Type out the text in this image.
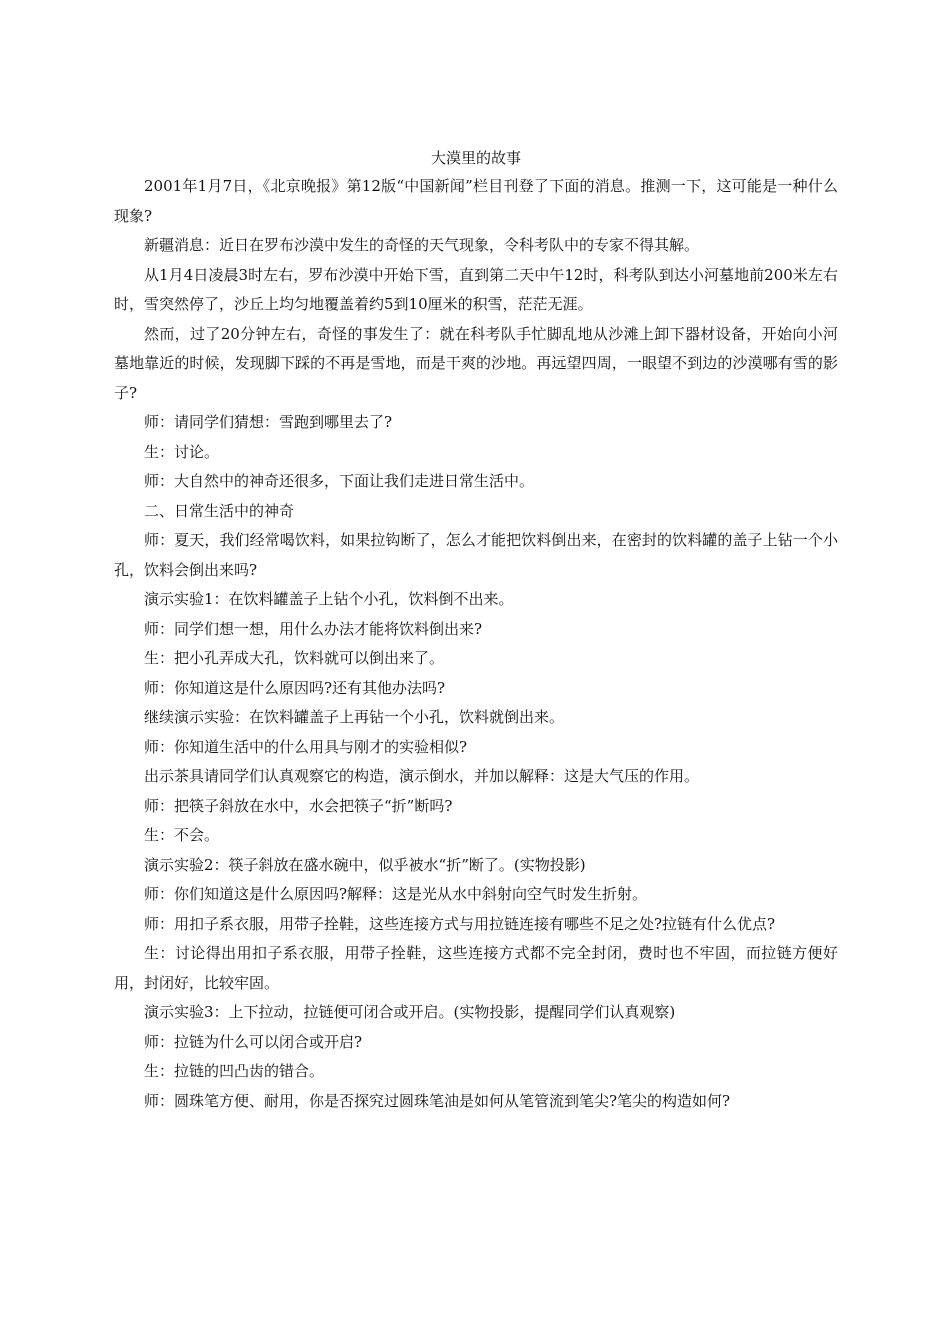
大漠里的故事

2001年1月7日，《北京晚报》第12版“中国新闻”栏目刊登了下面的消息。推测一下，这可能是一种什么现象?

新疆消息：近日在罗布沙漠中发生的奇怪的天气现象，令科考队中的专家不得其解。

从1月4日凌晨3时左右，罗布沙漠中开始下雪，直到第二天中午12时，科考队到达小河墓地前200米左右时，雪突然停了，沙丘上均匀地覆盖着约5到10厘米的积雪，茫茫无涯。

然而，过了20分钟左右，奇怪的事发生了：就在科考队手忙脚乱地从沙滩上卸下器材设备，开始向小河墓地靠近的时候，发现脚下踩的不再是雪地，而是干爽的沙地。再远望四周，一眼望不到边的沙漠哪有雪的影子?

师：请同学们猜想：雪跑到哪里去了?

生：讨论。

师：大自然中的神奇还很多，下面让我们走进日常生活中。

二、日常生活中的神奇

师：夏天，我们经常喝饮料，如果拉钩断了，怎么才能把饮料倒出来，在密封的饮料罐的盖子上钻一个小孔，饮料会倒出来吗?

演示实验1：在饮料罐盖子上钻个小孔，饮料倒不出来。

师：同学们想一想，用什么办法才能将饮料倒出来?

生：把小孔弄成大孔，饮料就可以倒出来了。

师：你知道这是什么原因吗?还有其他办法吗?

继续演示实验：在饮料罐盖子上再钻一个小孔，饮料就倒出来。

师：你知道生活中的什么用具与刚才的实验相似?

出示茶具请同学们认真观察它的构造，演示倒水，并加以解释：这是大气压的作用。

师：把筷子斜放在水中，水会把筷子“折”断吗?

生：不会。

演示实验2：筷子斜放在盛水碗中，似乎被水“折”断了。(实物投影)

师：你们知道这是什么原因吗?解释：这是光从水中斜射向空气时发生折射。

师：用扣子系衣服，用带子拴鞋，这些连接方式与用拉链连接有哪些不足之处?拉链有什么优点?

生：讨论得出用扣子系衣服，用带子拴鞋，这些连接方式都不完全封闭，费时也不牢固，而拉链方便好用，封闭好，比较牢固。

演示实验3：上下拉动，拉链便可闭合或开启。(实物投影，提醒同学们认真观察)

师：拉链为什么可以闭合或开启?

生：拉链的凹凸齿的错合。

师：圆珠笔方便、耐用，你是否探究过圆珠笔油是如何从笔管流到笔尖?笔尖的构造如何?
